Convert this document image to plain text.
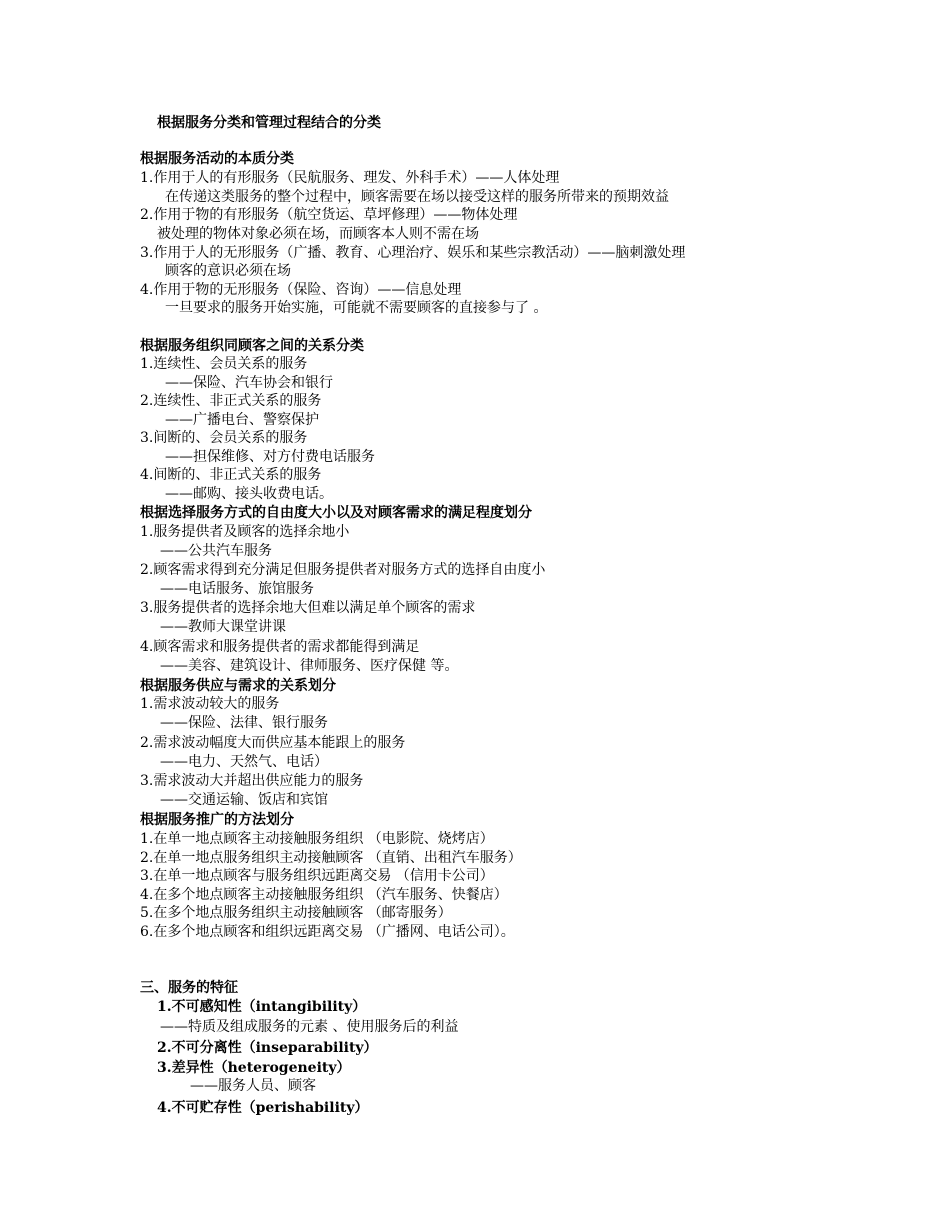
根据服务分类和管理过程结合的分类
根据服务活动的本质分类
1.作用于人的有形服务（民航服务、理发、外科手术）——人体处理
在传递这类服务的整个过程中，顾客需要在场以接受这样的服务所带来的预期效益
2.作用于物的有形服务（航空货运、草坪修理）——物体处理
被处理的物体对象必须在场，而顾客本人则不需在场
3.作用于人的无形服务（广播、教育、心理治疗、娱乐和某些宗教活动）——脑刺激处理
顾客的意识必须在场
4.作用于物的无形服务（保险、咨询）——信息处理
一旦要求的服务开始实施，可能就不需要顾客的直接参与了 。
根据服务组织同顾客之间的关系分类
1.连续性、会员关系的服务
——保险、汽车协会和银行
2.连续性、非正式关系的服务
——广播电台、警察保护
3.间断的、会员关系的服务
——担保维修、对方付费电话服务
4.间断的、非正式关系的服务
——邮购、接头收费电话。
根据选择服务方式的自由度大小以及对顾客需求的满足程度划分
1.服务提供者及顾客的选择余地小
——公共汽车服务
2.顾客需求得到充分满足但服务提供者对服务方式的选择自由度小
——电话服务、旅馆服务
3.服务提供者的选择余地大但难以满足单个顾客的需求
——教师大课堂讲课
4.顾客需求和服务提供者的需求都能得到满足
——美容、建筑设计、律师服务、医疗保健 等。
根据服务供应与需求的关系划分
1.需求波动较大的服务
——保险、法律、银行服务
2.需求波动幅度大而供应基本能跟上的服务
——电力、天然气、电话）
3.需求波动大并超出供应能力的服务
——交通运输、饭店和宾馆
根据服务推广的方法划分
1.在单一地点顾客主动接触服务组织 （电影院、烧烤店）
2.在单一地点服务组织主动接触顾客 （直销、出租汽车服务）
3.在单一地点顾客与服务组织远距离交易 （信用卡公司）
4.在多个地点顾客主动接触服务组织 （汽车服务、快餐店）
5.在多个地点服务组织主动接触顾客 （邮寄服务）
6.在多个地点顾客和组织远距离交易 （广播网、电话公司）。
三、服务的特征
1.不可感知性（intangibility）
——特质及组成服务的元素 、使用服务后的利益
2.不可分离性（inseparability）
3.差异性（heterogeneity）
——服务人员、顾客
4.不可贮存性（perishability）
